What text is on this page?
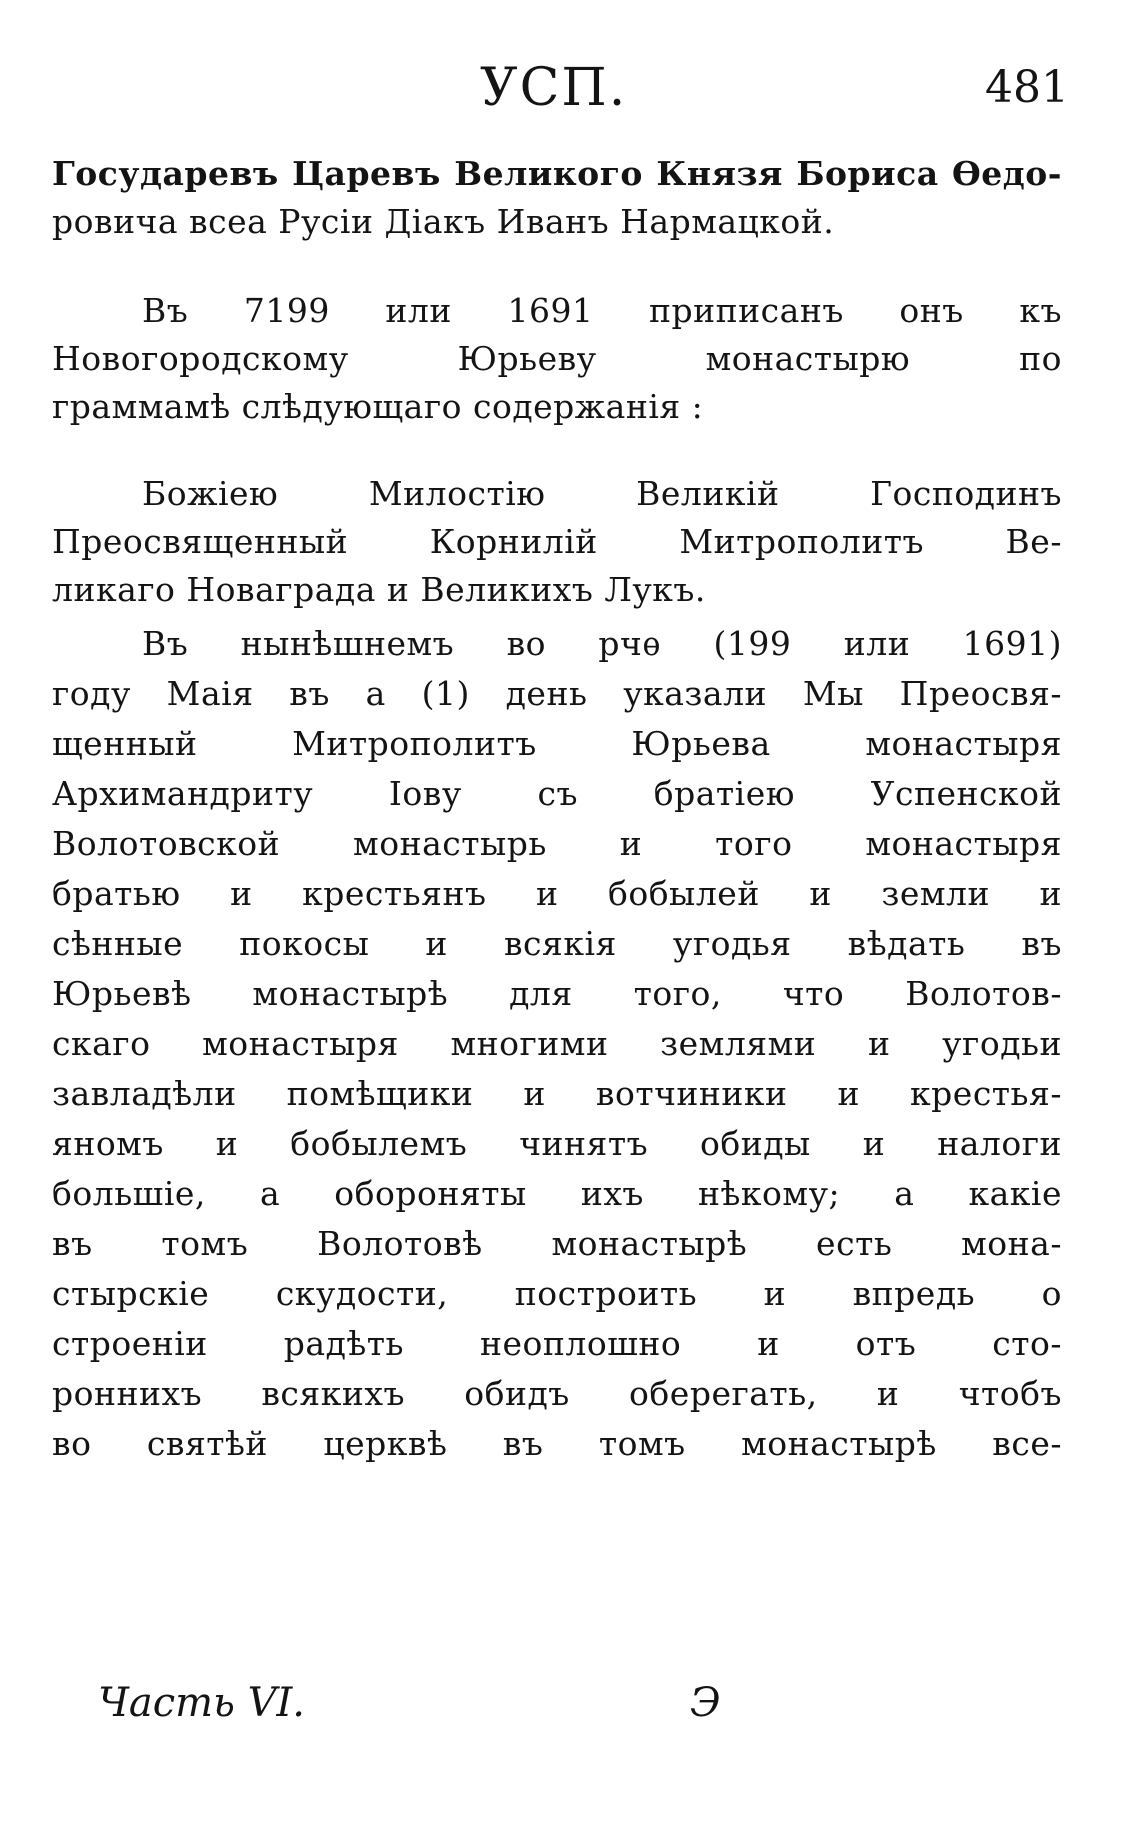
УСП.	481
Государевъ Царевъ Великого Князя Бориса Өедо-
ровича всеа Русіи Діакъ Иванъ Нармацкой.
Въ 7199 или 1691 приписанъ онъ къ
Новогородскому Юрьеву монастырю по
граммамѣ слѣдующаго содержанія :
Божіею Милостію Великій Господинъ
Преосвященный Корнилій Митрополитъ Ве-
ликаго Новаграда и Великихъ Лукъ.
Въ нынѣшнемъ во рчѳ (199 или 1691)
году Маія въ а (1) день указали Мы Преосвя-
щенный Митрополитъ Юрьева монастыря
Архимандриту Іову съ братіею Успенской
Волотовской монастырь и того монастыря
братью и крестьянъ и бобылей и земли и
сѣнные покосы и всякія угодья вѣдать въ
Юрьевѣ монастырѣ для того, что Волотов-
скаго монастыря многими землями и угодьи
завладѣли помѣщики и вотчиники и крестья-
яномъ и бобылемъ чинятъ обиды и налоги
большіе, а обороняты ихъ нѣкому; а какіе
въ томъ Волотовѣ монастырѣ есть мона-
стырскіе скудости, построить и впредь о
строеніи радѣть неоплошно и отъ сто-
роннихъ всякихъ обидъ оберегать, и чтобъ
во святѣй церквѣ въ томъ монастырѣ все-
Часть VI.	Э
